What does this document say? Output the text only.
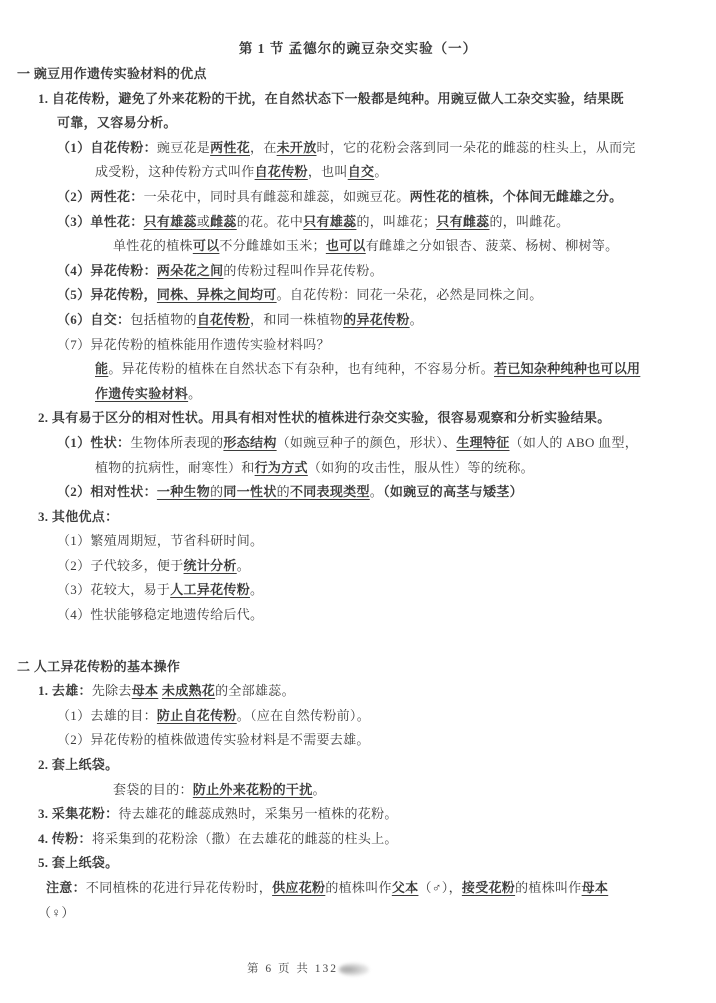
第 1 节 孟德尔的豌豆杂交实验（一）
一 豌豆用作遗传实验材料的优点
1. 自花传粉，避免了外来花粉的干扰，在自然状态下一般都是纯种。用豌豆做人工杂交实验，结果既
可靠，又容易分析。
（1）自花传粉：豌豆花是两性花，在未开放时，它的花粉会落到同一朵花的雌蕊的柱头上，从而完
成受粉，这种传粉方式叫作自花传粉，也叫自交。
（2）两性花：一朵花中，同时具有雌蕊和雄蕊，如豌豆花。两性花的植株，个体间无雌雄之分。
（3）单性花：只有雄蕊或雌蕊的花。花中只有雄蕊的，叫雄花；只有雌蕊的，叫雌花。
单性花的植株可以不分雌雄如玉米；也可以有雌雄之分如银杏、菠菜、杨树、柳树等。
（4）异花传粉：两朵花之间的传粉过程叫作异花传粉。
（5）异花传粉，同株、异株之间均可。自花传粉：同花一朵花，必然是同株之间。
（6）自交：包括植物的自花传粉，和同一株植物的异花传粉。
（7）异花传粉的植株能用作遗传实验材料吗？
能。异花传粉的植株在自然状态下有杂种，也有纯种，不容易分析。若已知杂种纯种也可以用
作遗传实验材料。
2. 具有易于区分的相对性状。用具有相对性状的植株进行杂交实验，很容易观察和分析实验结果。
（1）性状：生物体所表现的形态结构（如豌豆种子的颜色，形状）、生理特征（如人的 ABO 血型，
植物的抗病性，耐寒性）和行为方式（如狗的攻击性，服从性）等的统称。
（2）相对性状：一种生物的同一性状的不同表现类型。（如豌豆的高茎与矮茎）
3. 其他优点：
（1）繁殖周期短，节省科研时间。
（2）子代较多，便于统计分析。
（3）花较大，易于人工异花传粉。
（4）性状能够稳定地遗传给后代。
二 人工异花传粉的基本操作
1. 去雄：先除去母本 未成熟花的全部雄蕊。
（1）去雄的目：防止自花传粉。（应在自然传粉前）。
（2）异花传粉的植株做遗传实验材料是不需要去雄。
2. 套上纸袋。
套袋的目的：防止外来花粉的干扰。
3. 采集花粉：待去雄花的雌蕊成熟时，采集另一植株的花粉。
4. 传粉：将采集到的花粉涂（撒）在去雄花的雌蕊的柱头上。
5. 套上纸袋。
注意：不同植株的花进行异花传粉时，供应花粉的植株叫作父本（♂），接受花粉的植株叫作母本
（♀）
第 6 页 共 132
